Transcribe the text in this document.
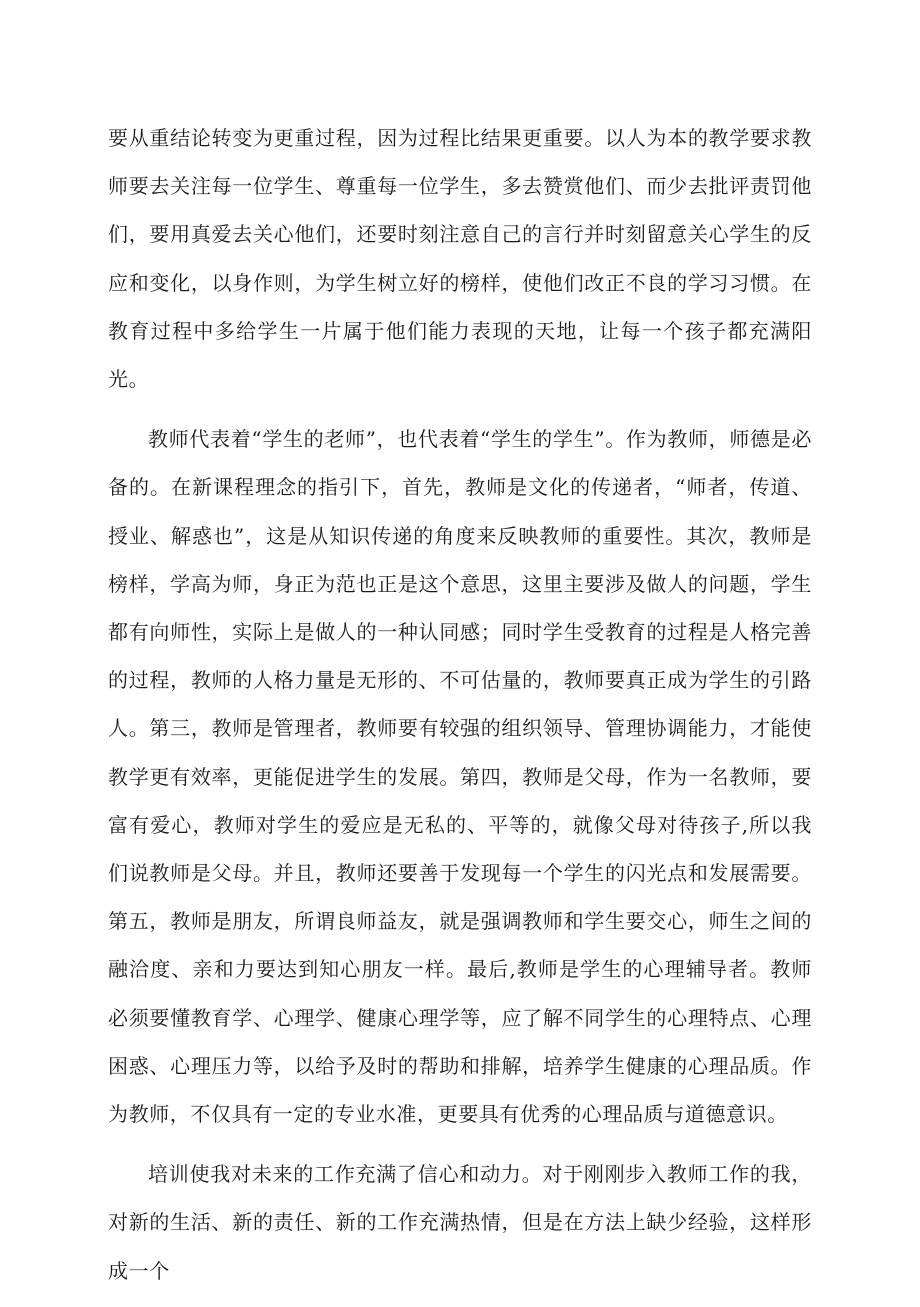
要从重结论转变为更重过程，因为过程比结果更重要。以人为本的教学要求教师要去关注每一位学生、尊重每一位学生，多去赞赏他们、而少去批评责罚他们，要用真爱去关心他们，还要时刻注意自己的言行并时刻留意关心学生的反应和变化，以身作则，为学生树立好的榜样，使他们改正不良的学习习惯。在教育过程中多给学生一片属于他们能力表现的天地，让每一个孩子都充满阳光。

教师代表着“学生的老师”，也代表着“学生的学生”。作为教师，师德是必备的。在新课程理念的指引下，首先，教师是文化的传递者，“师者，传道、授业、解惑也”，这是从知识传递的角度来反映教师的重要性。其次，教师是榜样，学高为师，身正为范也正是这个意思，这里主要涉及做人的问题，学生都有向师性，实际上是做人的一种认同感；同时学生受教育的过程是人格完善的过程，教师的人格力量是无形的、不可估量的，教师要真正成为学生的引路人。第三，教师是管理者，教师要有较强的组织领导、管理协调能力，才能使教学更有效率，更能促进学生的发展。第四，教师是父母，作为一名教师，要富有爱心，教师对学生的爱应是无私的、平等的，就像父母对待孩子,所以我们说教师是父母。并且，教师还要善于发现每一个学生的闪光点和发展需要。第五，教师是朋友，所谓良师益友，就是强调教师和学生要交心，师生之间的融洽度、亲和力要达到知心朋友一样。最后,教师是学生的心理辅导者。教师必须要懂教育学、心理学、健康心理学等，应了解不同学生的心理特点、心理困惑、心理压力等，以给予及时的帮助和排解，培养学生健康的心理品质。作为教师，不仅具有一定的专业水准，更要具有优秀的心理品质与道德意识。

培训使我对未来的工作充满了信心和动力。对于刚刚步入教师工作的我，对新的生活、新的责任、新的工作充满热情，但是在方法上缺少经验，这样形成一个
